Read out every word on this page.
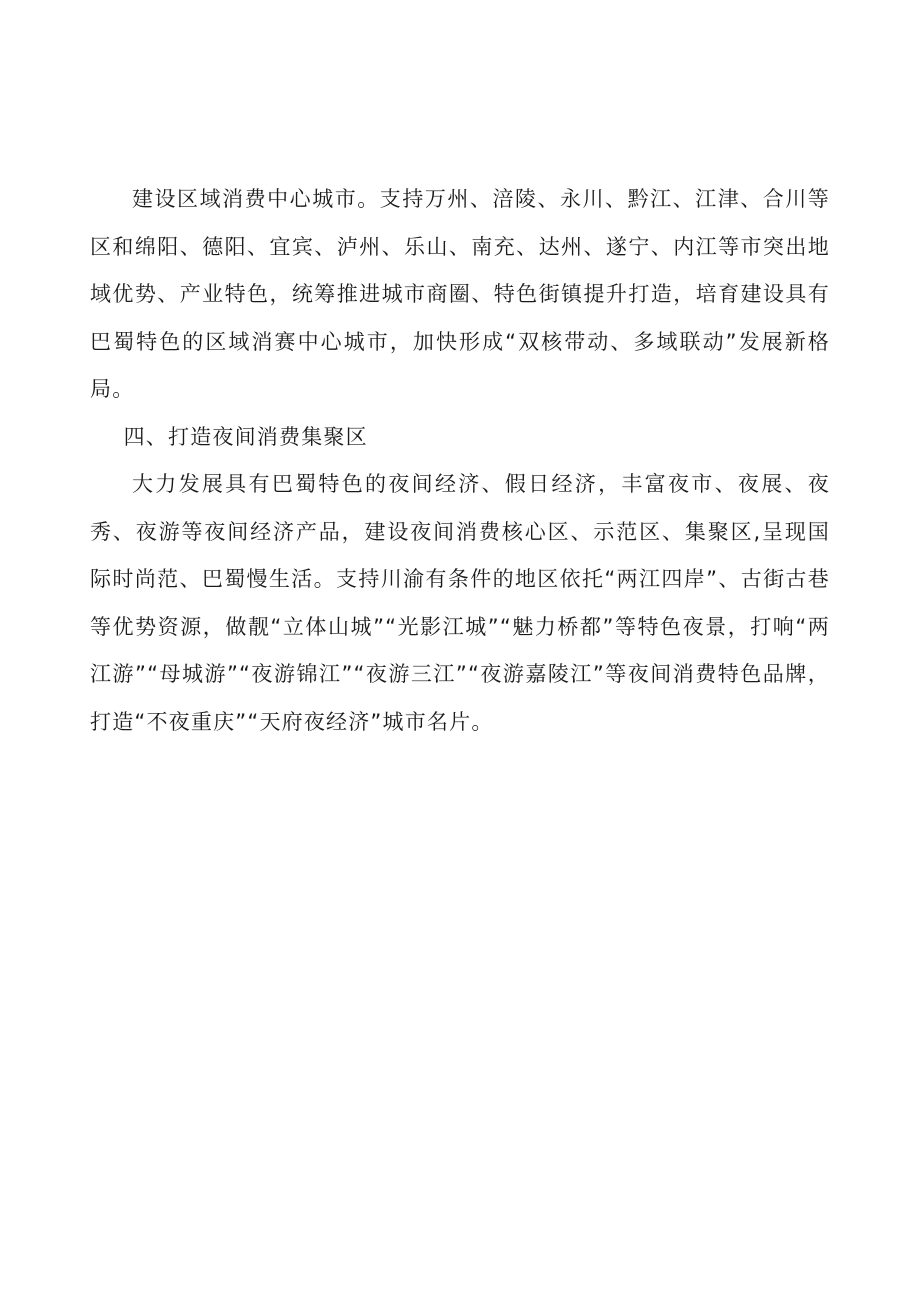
建设区域消费中心城市。支持万州、涪陵、永川、黔江、江津、合川等区和绵阳、德阳、宜宾、泸州、乐山、南充、达州、遂宁、内江等市突出地域优势、产业特色，统筹推进城市商圈、特色街镇提升打造，培育建设具有巴蜀特色的区域消赛中心城市，加快形成“双核带动、多域联动”发展新格局。

四、打造夜间消费集聚区

大力发展具有巴蜀特色的夜间经济、假日经济，丰富夜市、夜展、夜秀、夜游等夜间经济产品，建设夜间消费核心区、示范区、集聚区,呈现国际时尚范、巴蜀慢生活。支持川渝有条件的地区依托“两江四岸”、古街古巷等优势资源，做靓“立体山城”“光影江城”“魅力桥都”等特色夜景，打响“两江游”“母城游”“夜游锦江”“夜游三江”“夜游嘉陵江”等夜间消费特色品牌，打造“不夜重庆”“天府夜经济”城市名片。
